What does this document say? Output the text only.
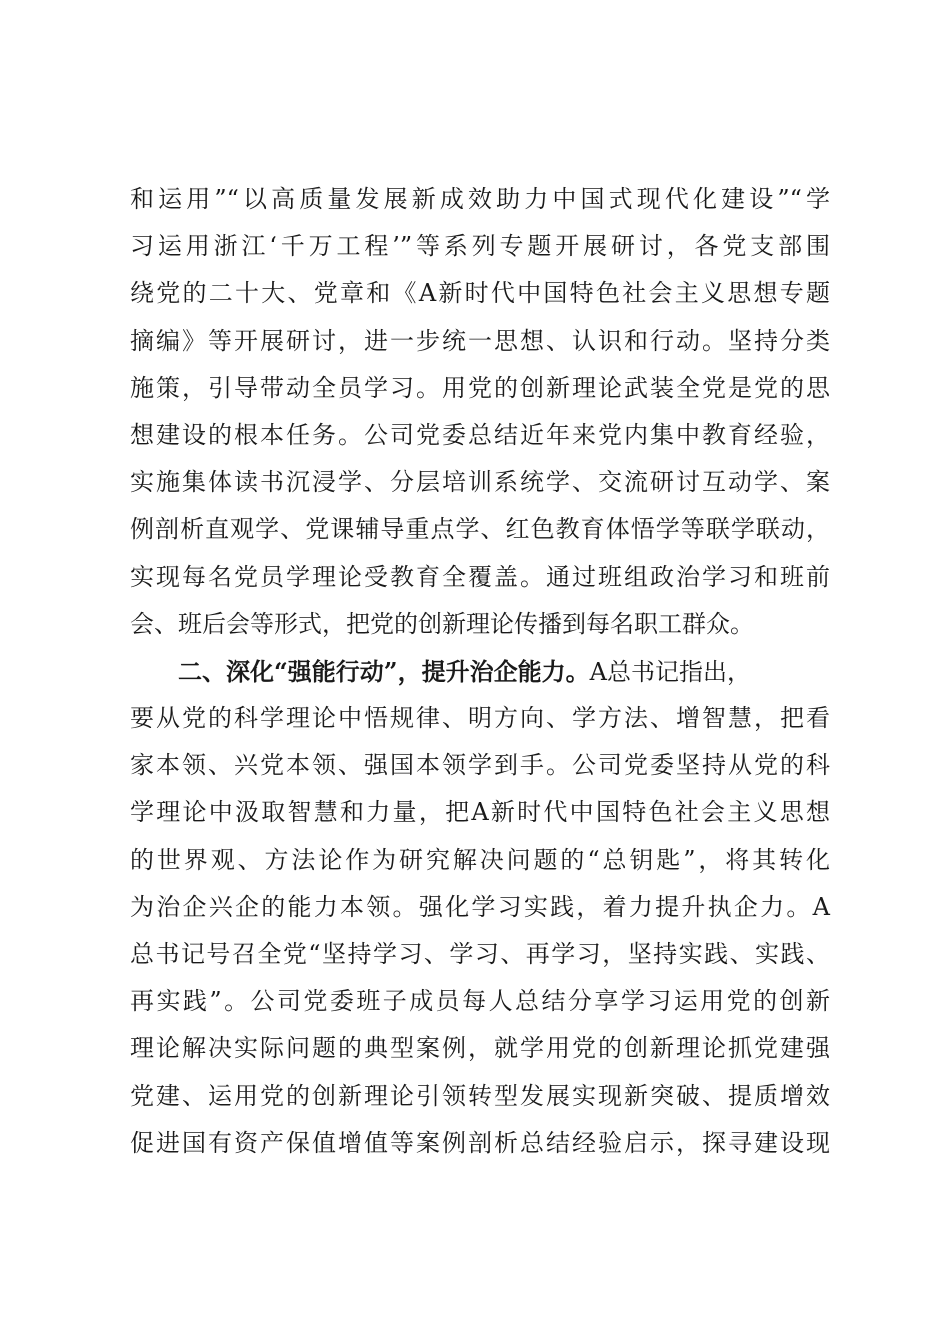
和运用”“以高质量发展新成效助力中国式现代化建设”“学
习运用浙江‘千万工程’”等系列专题开展研讨，各党支部围
绕党的二十大、党章和《A新时代中国特色社会主义思想专题
摘编》等开展研讨，进一步统一思想、认识和行动。坚持分类
施策，引导带动全员学习。用党的创新理论武装全党是党的思
想建设的根本任务。公司党委总结近年来党内集中教育经验，
实施集体读书沉浸学、分层培训系统学、交流研讨互动学、案
例剖析直观学、党课辅导重点学、红色教育体悟学等联学联动，
实现每名党员学理论受教育全覆盖。通过班组政治学习和班前
会、班后会等形式，把党的创新理论传播到每名职工群众。
二、深化“强能行动”，提升治企能力。A总书记指出，
要从党的科学理论中悟规律、明方向、学方法、增智慧，把看
家本领、兴党本领、强国本领学到手。公司党委坚持从党的科
学理论中汲取智慧和力量，把A新时代中国特色社会主义思想
的世界观、方法论作为研究解决问题的“总钥匙”，将其转化
为治企兴企的能力本领。强化学习实践，着力提升执企力。A
总书记号召全党“坚持学习、学习、再学习，坚持实践、实践、
再实践”。公司党委班子成员每人总结分享学习运用党的创新
理论解决实际问题的典型案例，就学用党的创新理论抓党建强
党建、运用党的创新理论引领转型发展实现新突破、提质增效
促进国有资产保值增值等案例剖析总结经验启示，探寻建设现
